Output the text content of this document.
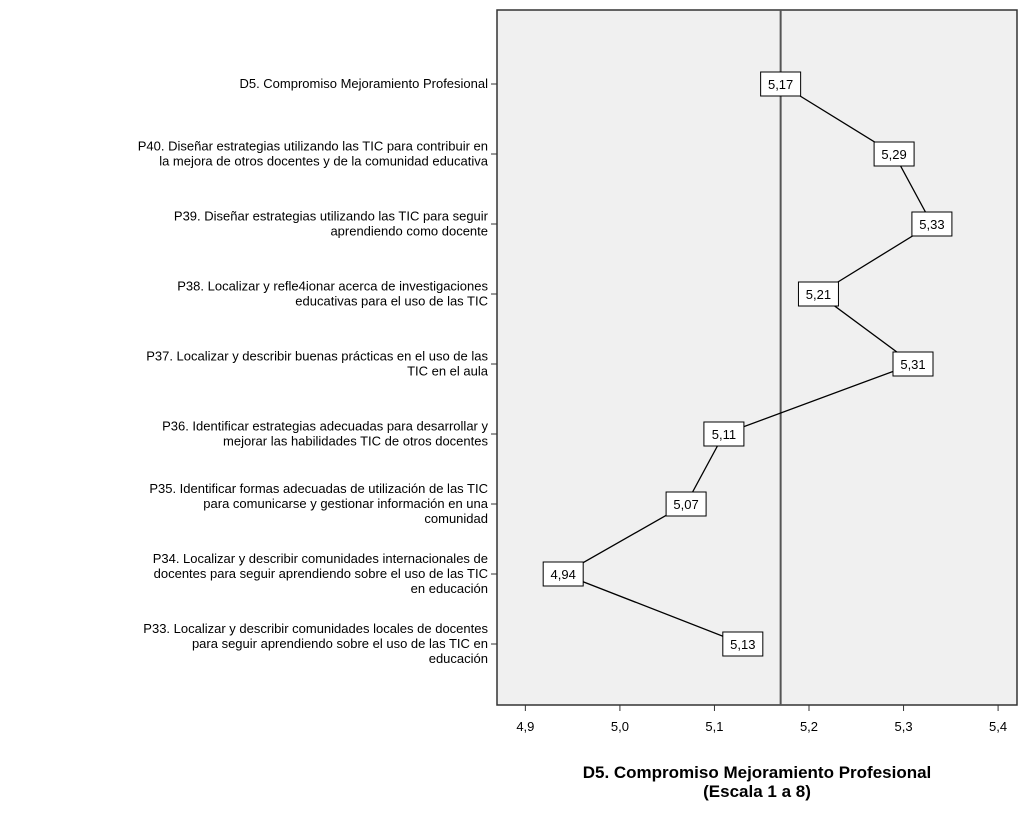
4,9	5,0	5,1	5,2	5,3	5,4
5,17
5,29
5,33
5,21
5,31
5,11
5,07
4,94
5,13
D5. Compromiso Mejoramiento Profesional
P40. Diseñar estrategias utilizando las TIC para contribuir en la mejora de otros docentes y de la comunidad educativa
P39. Diseñar estrategias utilizando las TIC para seguir aprendiendo como docente
P38. Localizar y refle4ionar acerca de investigaciones educativas para el uso de las TIC
P37. Localizar y describir buenas prácticas en el uso de las TIC en el aula
P36. Identificar estrategias adecuadas para desarrollar y mejorar las habilidades TIC de otros docentes
P35. Identificar formas adecuadas de utilización de las TIC para comunicarse y gestionar información en una comunidad
P34. Localizar y describir comunidades internacionales de docentes para seguir aprendiendo sobre el uso de las TIC en educación
P33. Localizar y describir comunidades locales de docentes para seguir aprendiendo sobre el uso de las TIC en educación
D5. Compromiso Mejoramiento Profesional (Escala 1 a 8)
